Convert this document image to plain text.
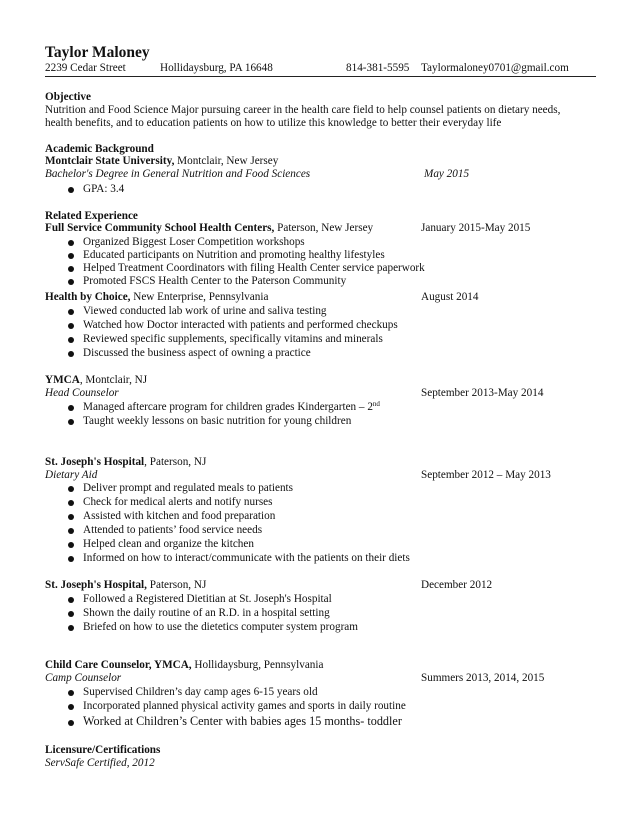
Taylor Maloney
2239 Cedar Street	Hollidaysburg, PA 16648	814-381-5595 Taylormaloney0701@gmail.com
Objective
Nutrition and Food Science Major pursuing career in the health care field to help counsel patients on dietary needs,
health benefits, and to education patients on how to utilize this knowledge to better their everyday life
Academic Background
Montclair State University, Montclair, New Jersey
Bachelor's Degree in General Nutrition and Food Sciences	May 2015
GPA: 3.4
Related Experience
Full Service Community School Health Centers, Paterson, New Jersey	January 2015-May 2015
Organized Biggest Loser Competition workshops
Educated participants on Nutrition and promoting healthy lifestyles
Helped Treatment Coordinators with filing Health Center service paperwork
Promoted FSCS Health Center to the Paterson Community
Health by Choice, New Enterprise, Pennsylvania	August 2014
Viewed conducted lab work of urine and saliva testing
Watched how Doctor interacted with patients and performed checkups
Reviewed specific supplements, specifically vitamins and minerals
Discussed the business aspect of owning a practice
YMCA, Montclair, NJ
Head Counselor	September 2013-May 2014
Managed aftercare program for children grades Kindergarten – 2nd
Taught weekly lessons on basic nutrition for young children
St. Joseph's Hospital, Paterson, NJ
Dietary Aid	September 2012 – May 2013
Deliver prompt and regulated meals to patients
Check for medical alerts and notify nurses
Assisted with kitchen and food preparation
Attended to patients’ food service needs
Helped clean and organize the kitchen
Informed on how to interact/communicate with the patients on their diets
St. Joseph's Hospital, Paterson, NJ	December 2012
Followed a Registered Dietitian at St. Joseph's Hospital
Shown the daily routine of an R.D. in a hospital setting
Briefed on how to use the dietetics computer system program
Child Care Counselor, YMCA, Hollidaysburg, Pennsylvania
Camp Counselor	Summers 2013, 2014, 2015
Supervised Children’s day camp ages 6-15 years old
Incorporated planned physical activity games and sports in daily routine
Worked at Children’s Center with babies ages 15 months- toddler
Licensure/Certifications
ServSafe Certified, 2012
